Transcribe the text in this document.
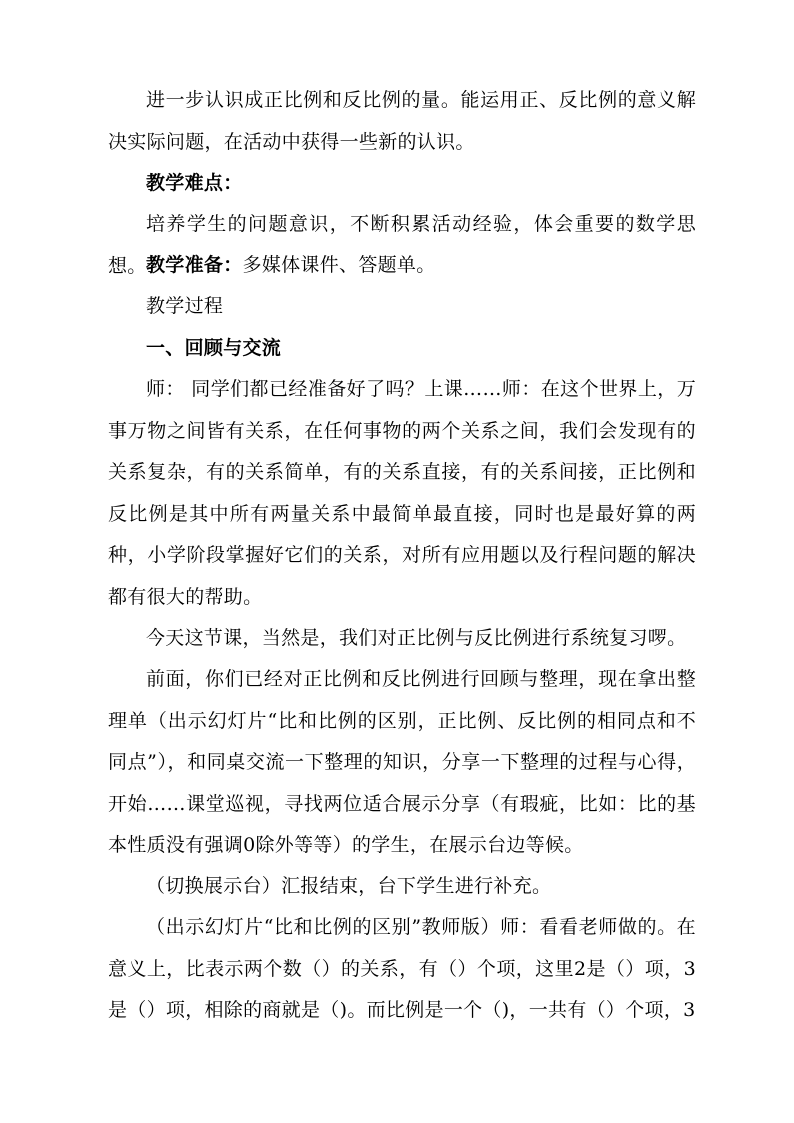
进一步认识成正比例和反比例的量。能运用正、反比例的意义解决实际问题，在活动中获得一些新的认识。

教学难点：

培养学生的问题意识，不断积累活动经验，体会重要的数学思想。 教学准备：多媒体课件、答题单。

教学过程

一、回顾与交流

师： 同学们都已经准备好了吗？上课……师：在这个世界上，万事万物之间皆有关系，在任何事物的两个关系之间，我们会发现有的关系复杂，有的关系简单，有的关系直接，有的关系间接，正比例和反比例是其中所有两量关系中最简单最直接，同时也是最好算的两种，小学阶段掌握好它们的关系，对所有应用题以及行程问题的解决都有很大的帮助。

今天这节课，当然是，我们对正比例与反比例进行系统复习啰。

前面，你们已经对正比例和反比例进行回顾与整理，现在拿出整理单（出示幻灯片“比和比例的区别，正比例、反比例的相同点和不同点”），和同桌交流一下整理的知识，分享一下整理的过程与心得，开始……课堂巡视，寻找两位适合展示分享（有瑕疵，比如：比的基本性质没有强调0除外等等）的学生，在展示台边等候。

（切换展示台）汇报结束，台下学生进行补充。

（出示幻灯片“比和比例的区别”教师版）师：看看老师做的。在意义上，比表示两个数（）的关系，有（）个项，这里2是（）项，3是（）项，相除的商就是（)。而比例是一个（)，一共有（）个项，3
